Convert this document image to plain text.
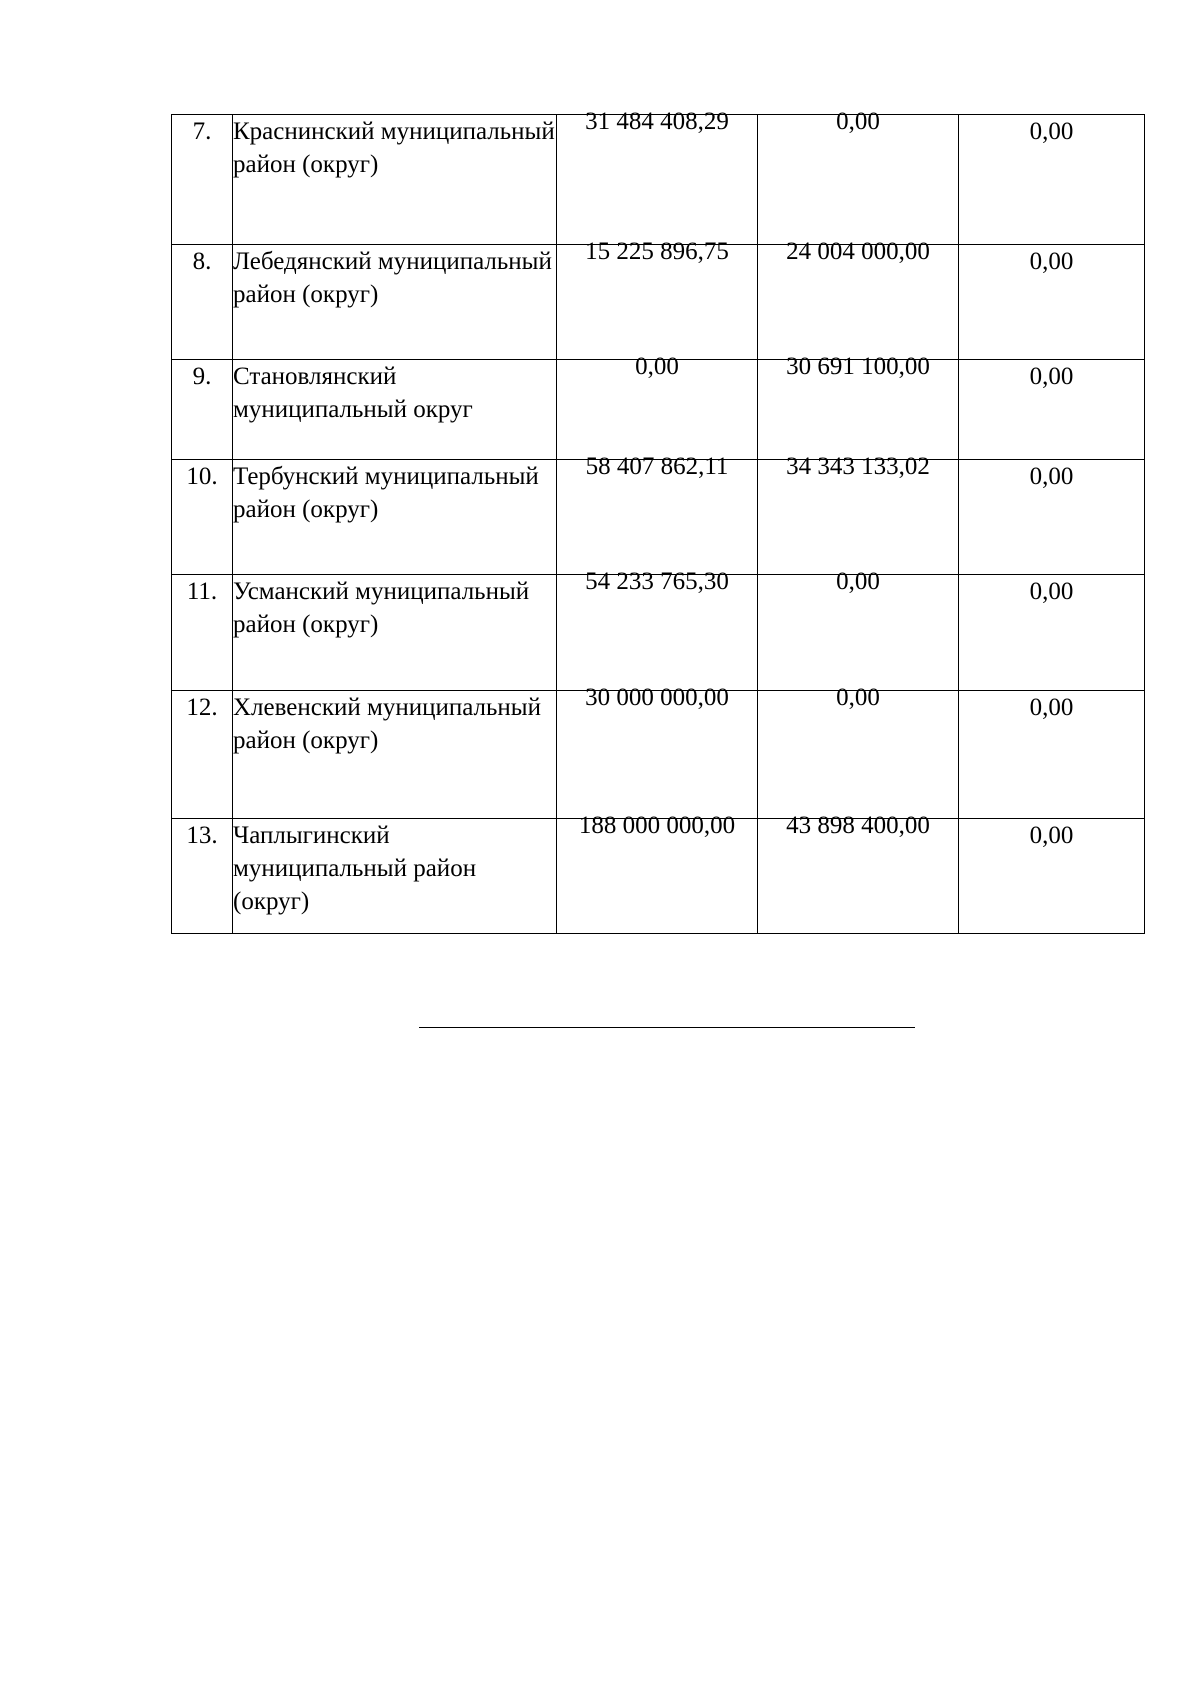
7.	Краснинский муниципальный район (округ)	31 484 408,29	0,00	0,00
8.	Лебедянский муниципальный район (округ)	15 225 896,75	24 004 000,00	0,00
9.	Становлянский муниципальный округ	0,00	30 691 100,00	0,00
10.	Тербунский муниципальный район (округ)	58 407 862,11	34 343 133,02	0,00
11.	Усманский муниципальный район (округ)	54 233 765,30	0,00	0,00
12.	Хлевенский муниципальный район (округ)	30 000 000,00	0,00	0,00
13.	Чаплыгинский муниципальный район (округ)	188 000 000,00	43 898 400,00	0,00
